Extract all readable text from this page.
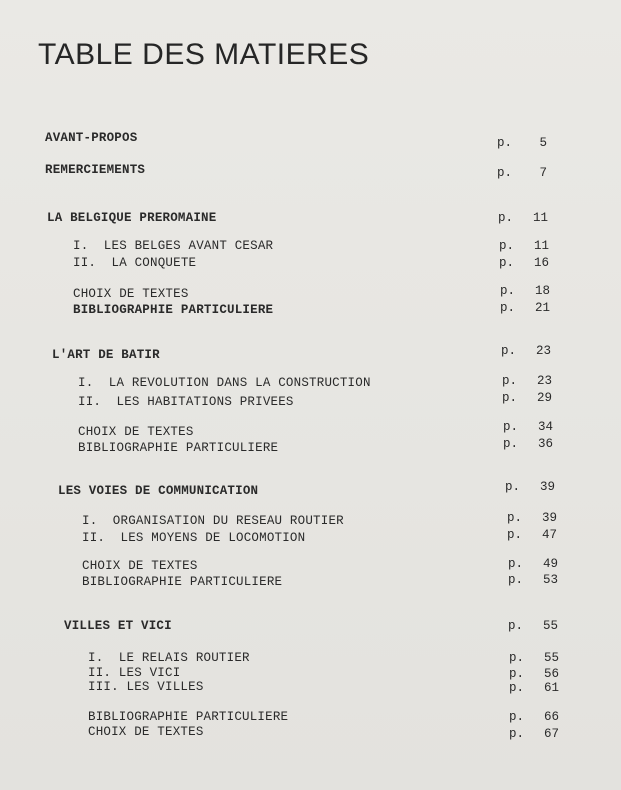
TABLE DES MATIERES
AVANT-PROPOS	p. 5
REMERCIEMENTS	p. 7
LA BELGIQUE PREROMAINE	p. 11
I.  LES BELGES AVANT CESAR	p. 11
II.  LA CONQUETE	p. 16
CHOIX DE TEXTES	p. 18
BIBLIOGRAPHIE PARTICULIERE	p. 21
L'ART DE BATIR	p. 23
I.  LA REVOLUTION DANS LA CONSTRUCTION	p. 23
II.  LES HABITATIONS PRIVEES	p. 29
CHOIX DE TEXTES	p. 34
BIBLIOGRAPHIE PARTICULIERE	p. 36
LES VOIES DE COMMUNICATION	p. 39
I.  ORGANISATION DU RESEAU ROUTIER	p. 39
II.  LES MOYENS DE LOCOMOTION	p. 47
CHOIX DE TEXTES	p. 49
BIBLIOGRAPHIE PARTICULIERE	p. 53
VILLES ET VICI	p. 55
I.  LE RELAIS ROUTIER	p. 55
II. LES VICI	p. 56
III. LES VILLES	p. 61
BIBLIOGRAPHIE PARTICULIERE	p. 66
CHOIX DE TEXTES	p. 67
